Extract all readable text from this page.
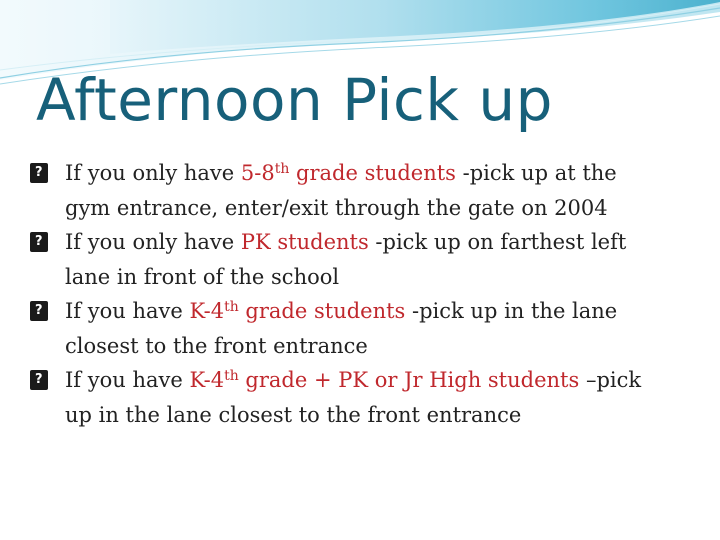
Afternoon Pick up
? If you only have 5-8th grade students -pick up at the
gym entrance, enter/exit through the gate on 2004
? If you only have PK students -pick up on farthest left
lane in front of the school
? If you have K-4th grade students -pick up in the lane
closest to the front entrance
? If you have K-4th grade + PK or Jr High students –pick
up in the lane closest to the front entrance
